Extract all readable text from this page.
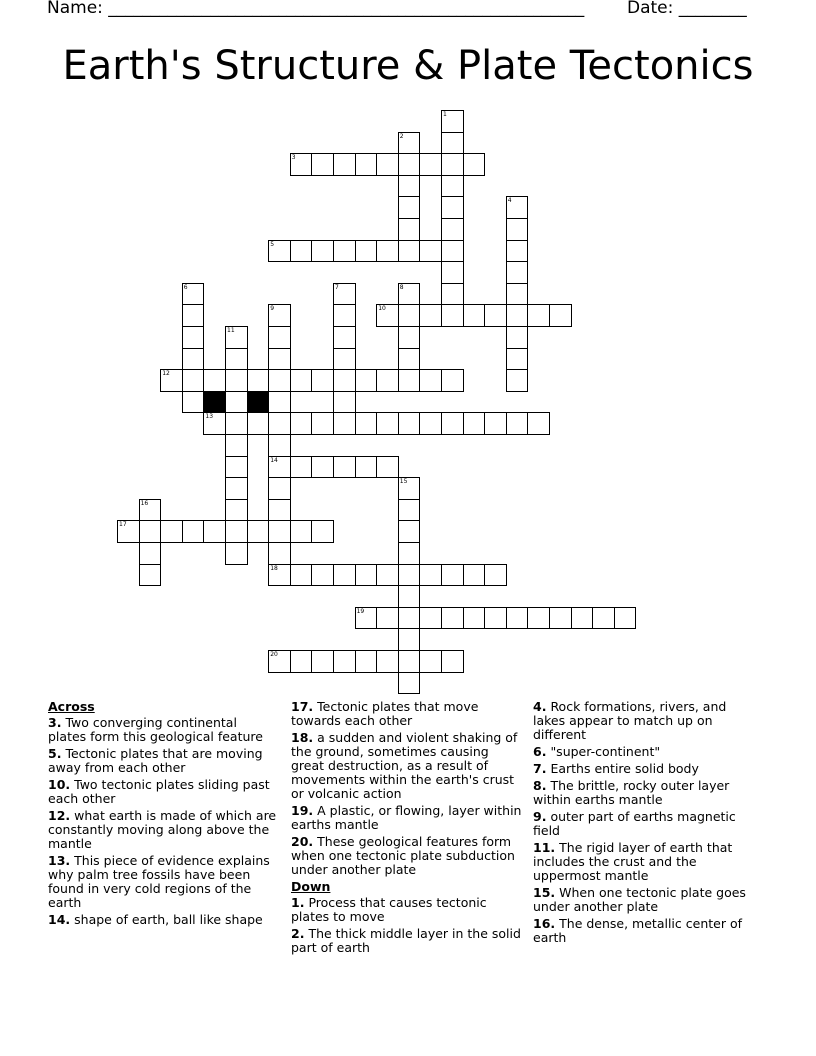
Name: ________________________________________________________	Date: ________
Earth's Structure & Plate Tectonics
1
2
3
4
5
6	7	8
9
14
10
11
12
13
15
16
17
18
19
20
Across
3. Two converging continental plates form this geological feature
5. Tectonic plates that are moving away from each other
10. Two tectonic plates sliding past each other
12. what earth is made of which are constantly moving along above the mantle
13. This piece of evidence explains why palm tree fossils have been found in very cold regions of the earth
14. shape of earth, ball like shape
17. Tectonic plates that move towards each other
18. a sudden and violent shaking of the ground, sometimes causing great destruction, as a result of movements within the earth's crust or volcanic action
19. A plastic, or flowing, layer within earths mantle
20. These geological features form when one tectonic plate subduction under another plate
Down
1. Process that causes tectonic plates to move
2. The thick middle layer in the solid part of earth
4. Rock formations, rivers, and lakes appear to match up on different
6. "super-continent"
7. Earths entire solid body
8. The brittle, rocky outer layer within earths mantle
9. outer part of earths magnetic field
11. The rigid layer of earth that includes the crust and the uppermost mantle
15. When one tectonic plate goes under another plate
16. The dense, metallic center of earth
